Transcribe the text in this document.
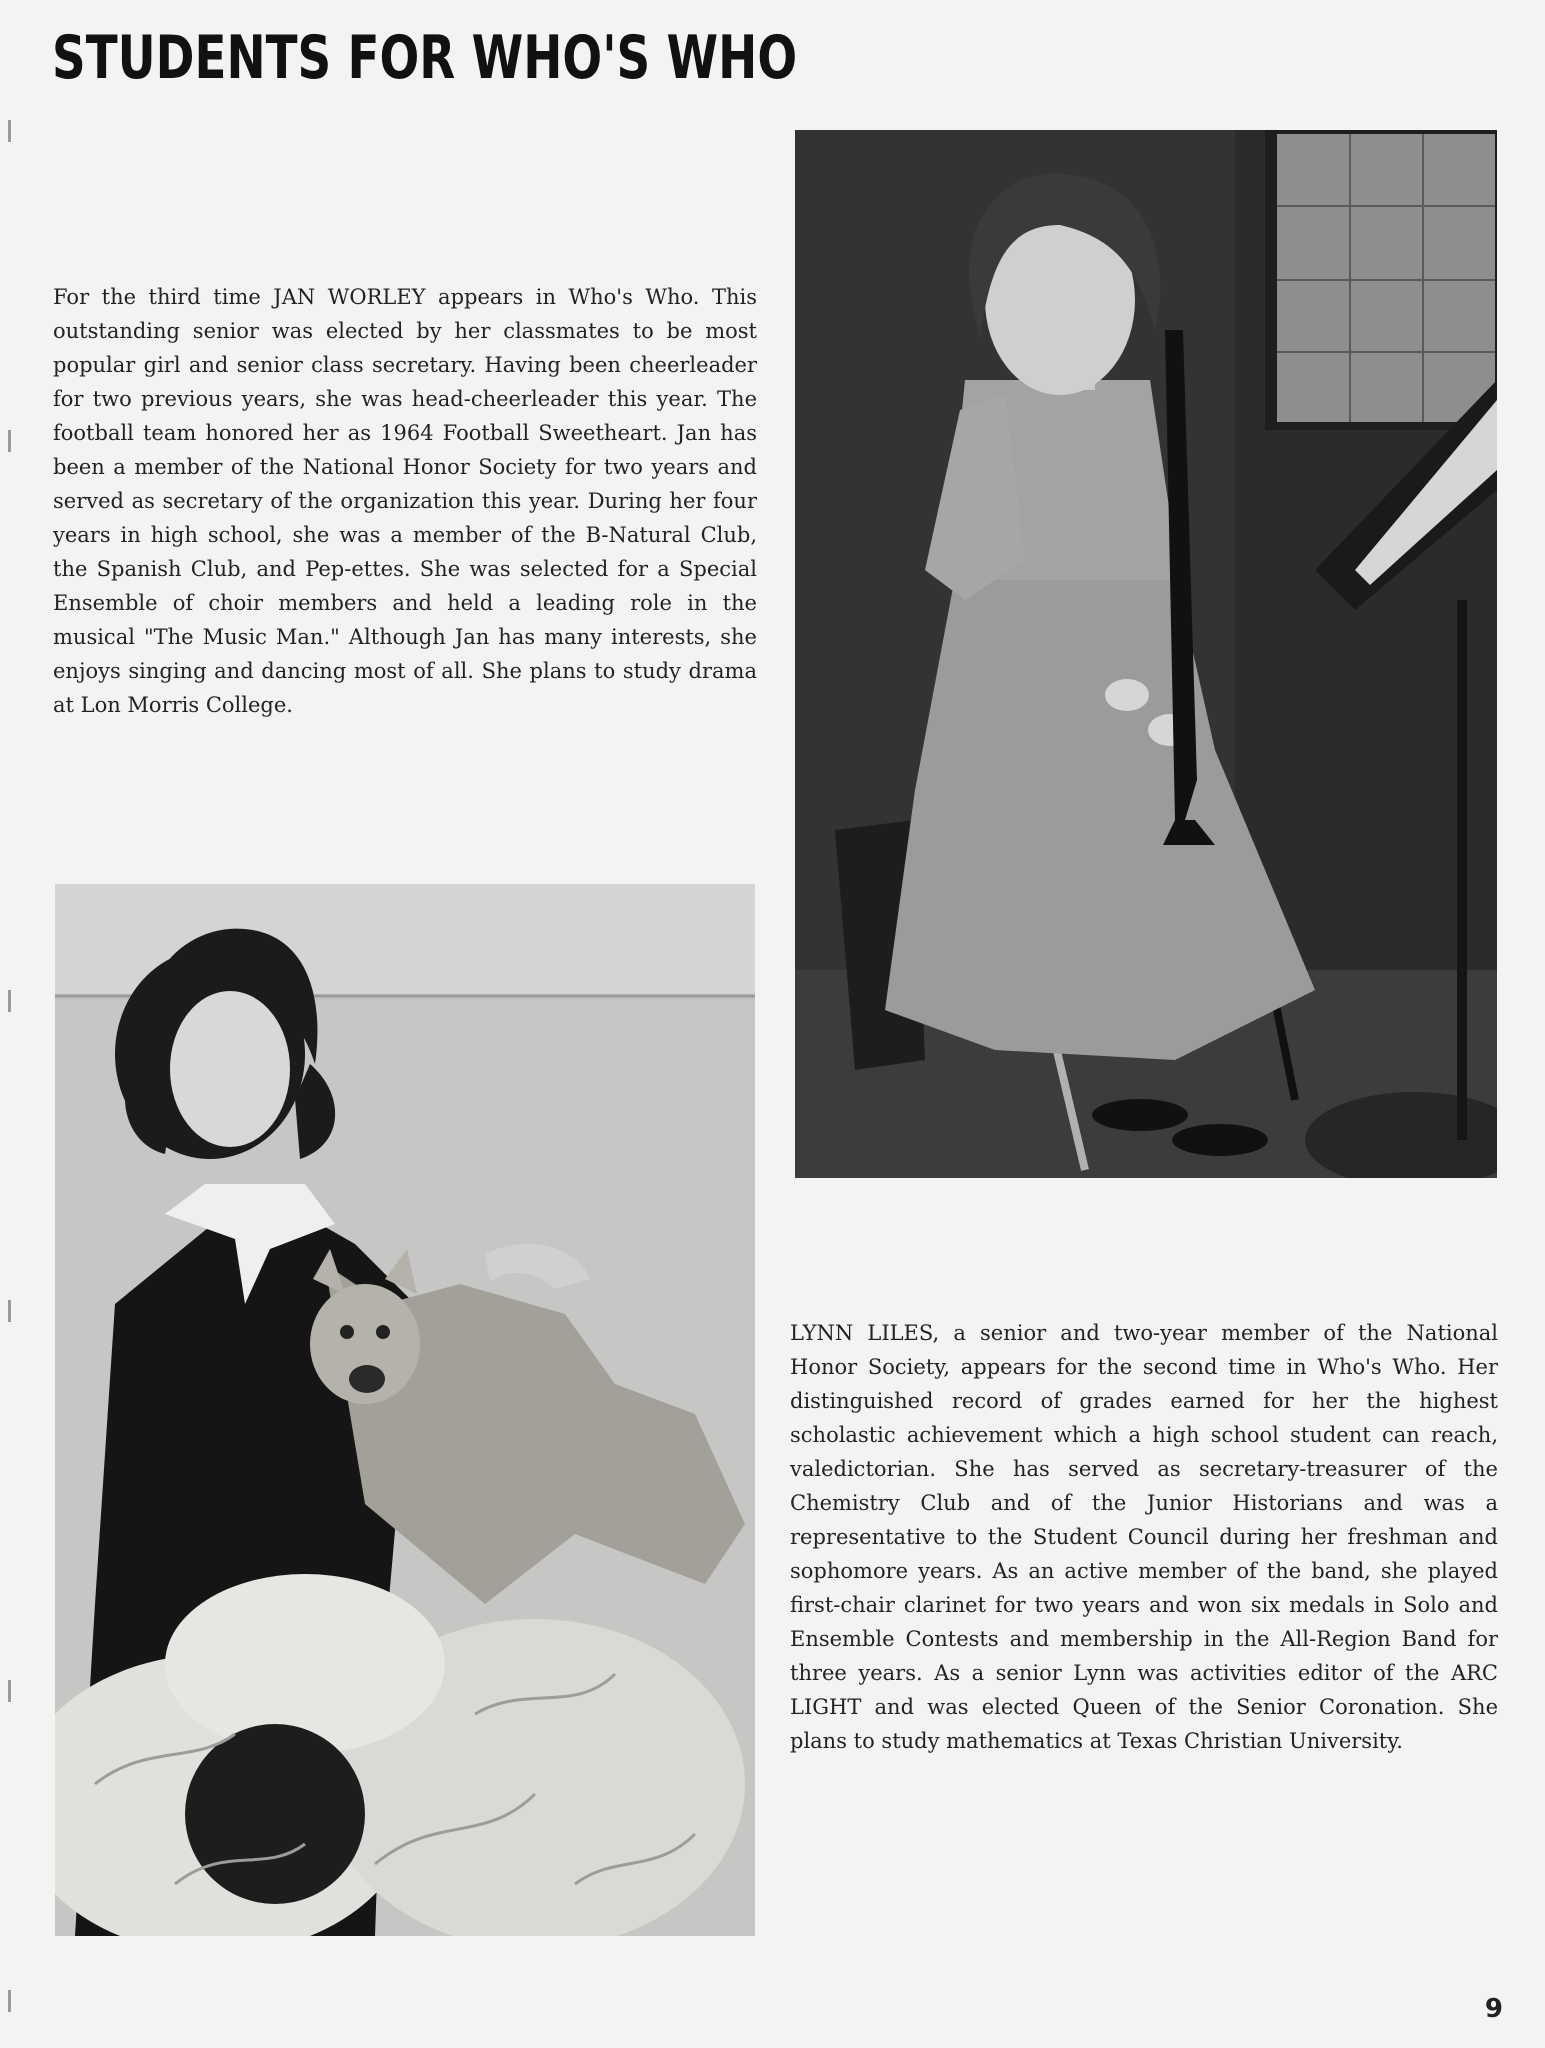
STUDENTS FOR WHO'S WHO

For the third time JAN WORLEY appears in Who's Who. This outstanding senior was elected by her classmates to be most popular girl and senior class secretary. Having been cheerleader for two previous years, she was head-cheerleader this year. The football team honored her as 1964 Football Sweetheart. Jan has been a member of the National Honor Society for two years and served as secretary of the organization this year. During her four years in high school, she was a member of the B-Natural Club, the Spanish Club, and Pep-ettes. She was selected for a Special Ensemble of choir members and held a leading role in the musical "The Music Man." Although Jan has many interests, she enjoys singing and dancing most of all. She plans to study drama at Lon Morris College.

LYNN LILES, a senior and two-year member of the National Honor Society, appears for the second time in Who's Who. Her distinguished record of grades earned for her the highest scholastic achievement which a high school student can reach, valedictorian. She has served as secretary-treasurer of the Chemistry Club and of the Junior Historians and was a representative to the Student Council during her freshman and sophomore years. As an active member of the band, she played first-chair clarinet for two years and won six medals in Solo and Ensemble Contests and membership in the All-Region Band for three years. As a senior Lynn was activities editor of the ARC LIGHT and was elected Queen of the Senior Coronation. She plans to study mathematics at Texas Christian University.

9
